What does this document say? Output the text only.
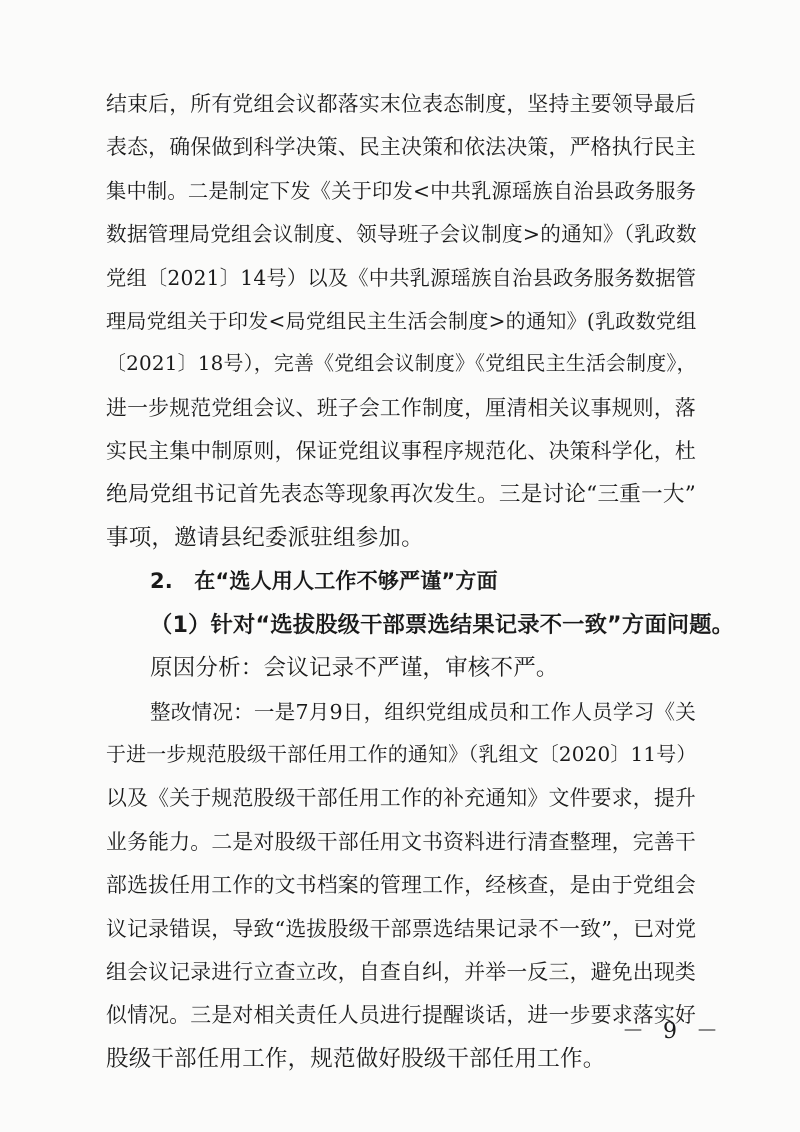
结束后，所有党组会议都落实末位表态制度，坚持主要领导最后
表态，确保做到科学决策、民主决策和依法决策，严格执行民主
集中制。二是制定下发《关于印发<中共乳源瑶族自治县政务服务
数据管理局党组会议制度、领导班子会议制度>的通知》（乳政数
党组〔2021〕14号）以及《中共乳源瑶族自治县政务服务数据管
理局党组关于印发<局党组民主生活会制度>的通知》(乳政数党组
〔2021〕18号），完善《党组会议制度》《党组民主生活会制度》，
进一步规范党组会议、班子会工作制度，厘清相关议事规则，落
实民主集中制原则，保证党组议事程序规范化、决策科学化，杜
绝局党组书记首先表态等现象再次发生。三是讨论“三重一大”
事项，邀请县纪委派驻组参加。
2.　在“选人用人工作不够严谨”方面
（1）针对“选拔股级干部票选结果记录不一致”方面问题。
原因分析：会议记录不严谨，审核不严。
整改情况：一是7月9日，组织党组成员和工作人员学习《关
于进一步规范股级干部任用工作的通知》（乳组文〔2020〕11号）
以及《关于规范股级干部任用工作的补充通知》文件要求，提升
业务能力。二是对股级干部任用文书资料进行清查整理，完善干
部选拔任用工作的文书档案的管理工作，经核查，是由于党组会
议记录错误，导致“选拔股级干部票选结果记录不一致”，已对党
组会议记录进行立查立改，自查自纠，并举一反三，避免出现类
似情况。三是对相关责任人员进行提醒谈话，进一步要求落实好
股级干部任用工作，规范做好股级干部任用工作。
－ 9 －
